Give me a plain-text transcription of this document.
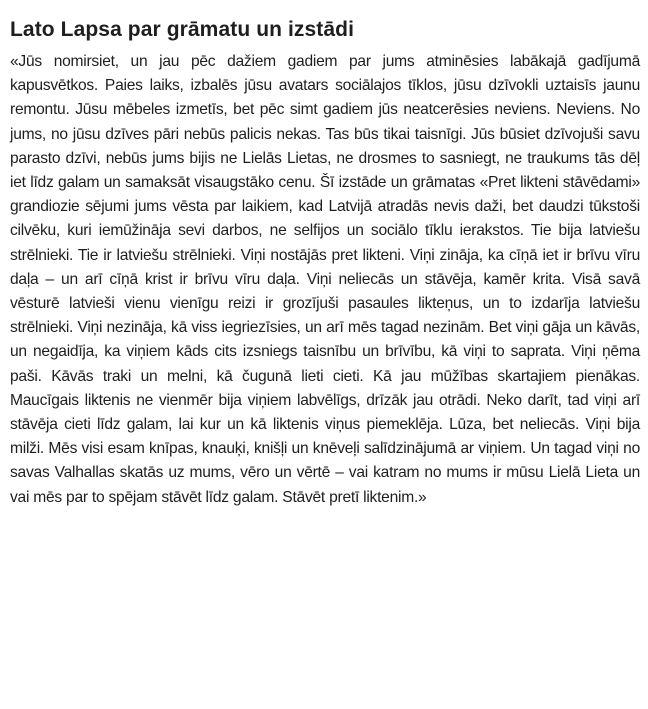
Lato Lapsa par grāmatu un izstādi

«Jūs nomirsiet, un jau pēc dažiem gadiem par jums atminēsies labākajā gadījumā kapusvētkos. Paies laiks, izbalēs jūsu avatars sociālajos tīklos, jūsu dzīvokli uztaisīs jaunu remontu. Jūsu mēbeles izmetīs, bet pēc simt gadiem jūs neatcerēsies neviens. Neviens. No jums, no jūsu dzīves pāri nebūs palicis nekas. Tas būs tikai taisnīgi. Jūs būsiet dzīvojuši savu parasto dzīvi, nebūs jums bijis ne Lielās Lietas, ne drosmes to sasniegt, ne traukums tās dēļ iet līdz galam un samaksāt visaugstāko cenu. Šī izstāde un grāmatas «Pret likteni stāvēdami» grandiozie sējumi jums vēsta par laikiem, kad Latvijā atradās nevis daži, bet daudzi tūkstoši cilvēku, kuri iemūžināja sevi darbos, ne selfijos un sociālo tīklu ierakstos. Tie bija latviešu strēlnieki. Tie ir latviešu strēlnieki. Viņi nostājās pret likteni. Viņi zināja, ka cīņā iet ir brīvu vīru daļa – un arī cīņā krist ir brīvu vīru daļa. Viņi neliecās un stāvēja, kamēr krita. Visā savā vēsturē latvieši vienu vienīgu reizi ir grozījuši pasaules likteņus, un to izdarīja latviešu strēlnieki. Viņi nezināja, kā viss iegriezīsies, un arī mēs tagad nezinām. Bet viņi gāja un kāvās, un negaidīja, ka viņiem kāds cits izsniegs taisnību un brīvību, kā viņi to saprata. Viņi ņēma paši. Kāvās traki un melni, kā čugunā lieti cieti. Kā jau mūžības skartajiem pienākas. Maucīgais liktenis ne vienmēr bija viņiem labvēlīgs, drīzāk jau otrādi. Neko darīt, tad viņi arī stāvēja cieti līdz galam, lai kur un kā liktenis viņus piemeklēja. Lūza, bet neliecās. Viņi bija milži. Mēs visi esam knīpas, knauķi, knišļi un knēveļi salīdzinājumā ar viņiem. Un tagad viņi no savas Valhallas skatās uz mums, vēro un vērtē – vai katram no mums ir mūsu Lielā Lieta un vai mēs par to spējam stāvēt līdz galam. Stāvēt pretī liktenim.»
